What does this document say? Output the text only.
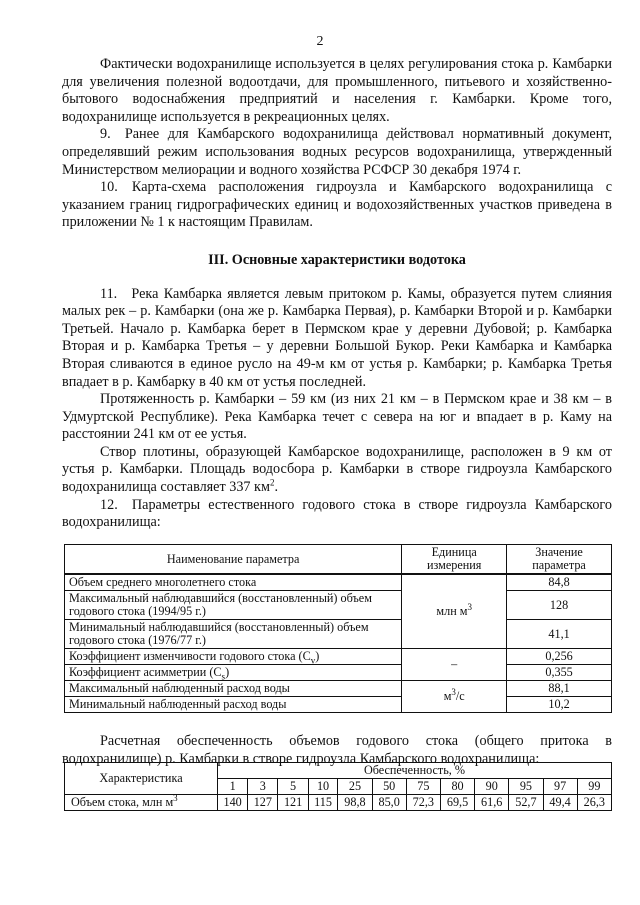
2

Фактически водохранилище используется в целях регулирования стока р. Камбарки для увеличения полезной водоотдачи, для промышленного, питьевого и хозяйственно-бытового водоснабжения предприятий и населения г. Камбарки. Кроме того, водохранилище используется в рекреационных целях.

9. Ранее для Камбарского водохранилища действовал нормативный документ, определявший режим использования водных ресурсов водохранилища, утвержденный Министерством мелиорации и водного хозяйства РСФСР 30 декабря 1974 г.

10. Карта-схема расположения гидроузла и Камбарского водохранилища с указанием границ гидрографических единиц и водохозяйственных участков приведена в приложении № 1 к настоящим Правилам.

III. Основные характеристики водотока

11. Река Камбарка является левым притоком р. Камы, образуется путем слияния малых рек – р. Камбарки (она же р. Камбарка Первая), р. Камбарки Второй и р. Камбарки Третьей. Начало р. Камбарка берет в Пермском крае у деревни Дубовой; р. Камбарка Вторая и р. Камбарка Третья – у деревни Большой Букор. Реки Камбарка и Камбарка Вторая сливаются в единое русло на 49-м км от устья р. Камбарки; р. Камбарка Третья впадает в р. Камбарку в 40 км от устья последней.

Протяженность р. Камбарки – 59 км (из них 21 км – в Пермском крае и 38 км – в Удмуртской Республике). Река Камбарка течет с севера на юг и впадает в р. Каму на расстоянии 241 км от ее устья.

Створ плотины, образующей Камбарское водохранилище, расположен в 9 км от устья р. Камбарки. Площадь водосбора р. Камбарки в створе гидроузла Камбарского водохранилища составляет 337 $км^2$.

12. Параметры естественного годового стока в створе гидроузла Камбарского водохранилища:

Наименование параметра	Единица измерения	Значение параметра
Объем среднего многолетнего стока	млн $м^3$	84,8
Максимальный наблюдавшийся (восстановленный) объем годового стока (1994/95 г.)		128
Минимальный наблюдавшийся (восстановленный) объем годового стока (1976/77 г.)		41,1
Коэффициент изменчивости годового стока $(C_v)$	–	0,256
Коэффициент асимметрии $(C_s)$		0,355
Максимальный наблюденный расход воды	$м^3/с$	88,1
Минимальный наблюденный расход воды		10,2

Расчетная обеспеченность объемов годового стока (общего притока в водохранилище) р. Камбарки в створе гидроузла Камбарского водохранилища:

Характеристика	Обеспеченность, %											
	1	3	5	10	25	50	75	80	90	95	97	99
Объем стока, млн $м^3$	140	127	121	115	98,8	85,0	72,3	69,5	61,6	52,7	49,4	26,3
